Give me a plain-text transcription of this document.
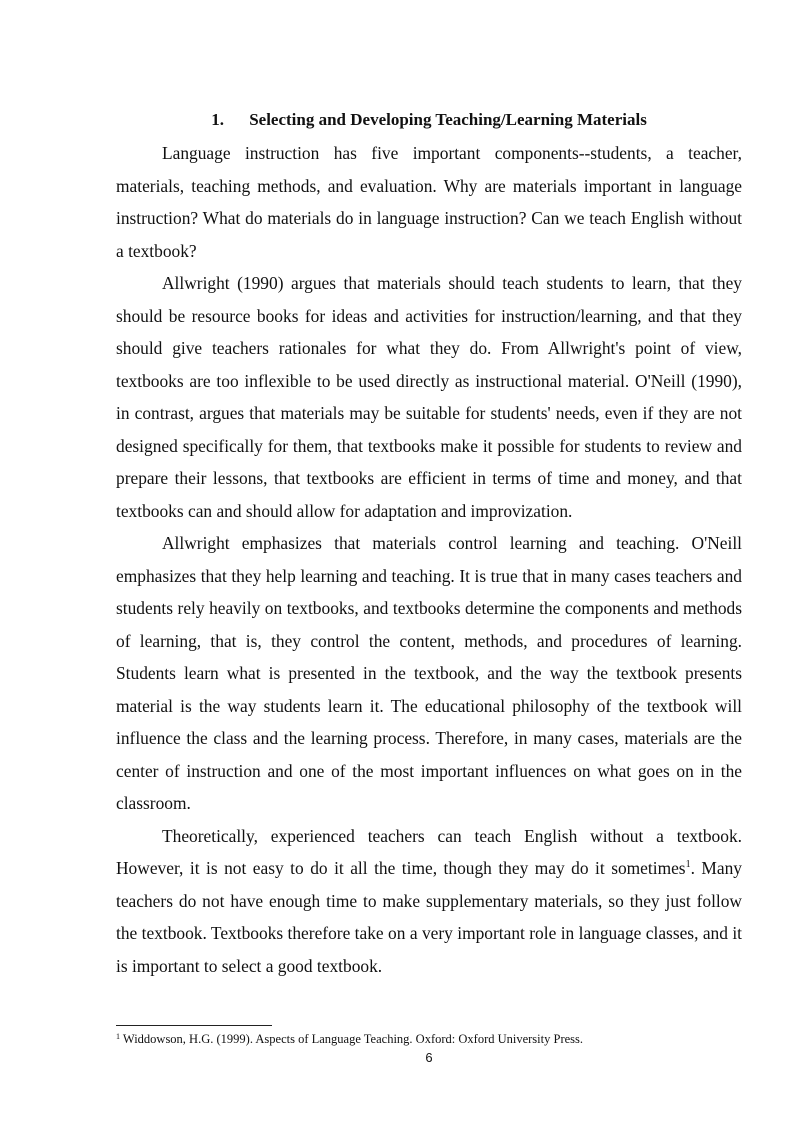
1. Selecting and Developing Teaching/Learning Materials

Language instruction has five important components--students, a teacher, materials, teaching methods, and evaluation. Why are materials important in language instruction? What do materials do in language instruction? Can we teach English without a textbook?

Allwright (1990) argues that materials should teach students to learn, that they should be resource books for ideas and activities for instruction/learning, and that they should give teachers rationales for what they do. From Allwright's point of view, textbooks are too inflexible to be used directly as instructional material. O'Neill (1990), in contrast, argues that materials may be suitable for students' needs, even if they are not designed specifically for them, that textbooks make it possible for students to review and prepare their lessons, that textbooks are efficient in terms of time and money, and that textbooks can and should allow for adaptation and improvization.

Allwright emphasizes that materials control learning and teaching. O'Neill emphasizes that they help learning and teaching. It is true that in many cases teachers and students rely heavily on textbooks, and textbooks determine the components and methods of learning, that is, they control the content, methods, and procedures of learning. Students learn what is presented in the textbook, and the way the textbook presents material is the way students learn it. The educational philosophy of the textbook will influence the class and the learning process. Therefore, in many cases, materials are the center of instruction and one of the most important influences on what goes on in the classroom.

Theoretically, experienced teachers can teach English without a textbook. However, it is not easy to do it all the time, though they may do it sometimes$^1$. Many teachers do not have enough time to make supplementary materials, so they just follow the textbook. Textbooks therefore take on a very important role in language classes, and it is important to select a good textbook.

$^1$ Widdowson, H.G. (1999). Aspects of Language Teaching. Oxford: Oxford University Press.
6
